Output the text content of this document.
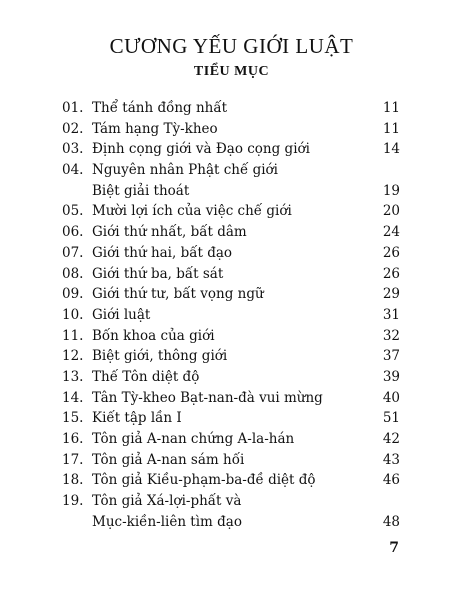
CƯƠNG YẾU GIỚI LUẬT
TIỂU MỤC
01. Thể tánh đồng nhất	11
02. Tám hạng Tỳ-kheo	11
03. Định cọng giới và Đạo cọng giới	14
04. Nguyên nhân Phật chế giới
Biệt giải thoát	19
05. Mười lợi ích của việc chế giới	20
06. Giới thứ nhất, bất dâm	24
07. Giới thứ hai, bất đạo	26
08. Giới thứ ba, bất sát	26
09. Giới thứ tư, bất vọng ngữ	29
10. Giới luật	31
11. Bốn khoa của giới	32
12. Biệt giới, thông giới	37
13. Thế Tôn diệt độ	39
14. Tân Tỳ-kheo Bạt-nan-đà vui mừng	40
15. Kiết tập lần I	51
16. Tôn giả A-nan chứng A-la-hán	42
17. Tôn giả A-nan sám hối	43
18. Tôn giả Kiều-phạm-ba-đề diệt độ	46
19. Tôn giả Xá-lợi-phất và
Mục-kiền-liên tìm đạo	48

7
